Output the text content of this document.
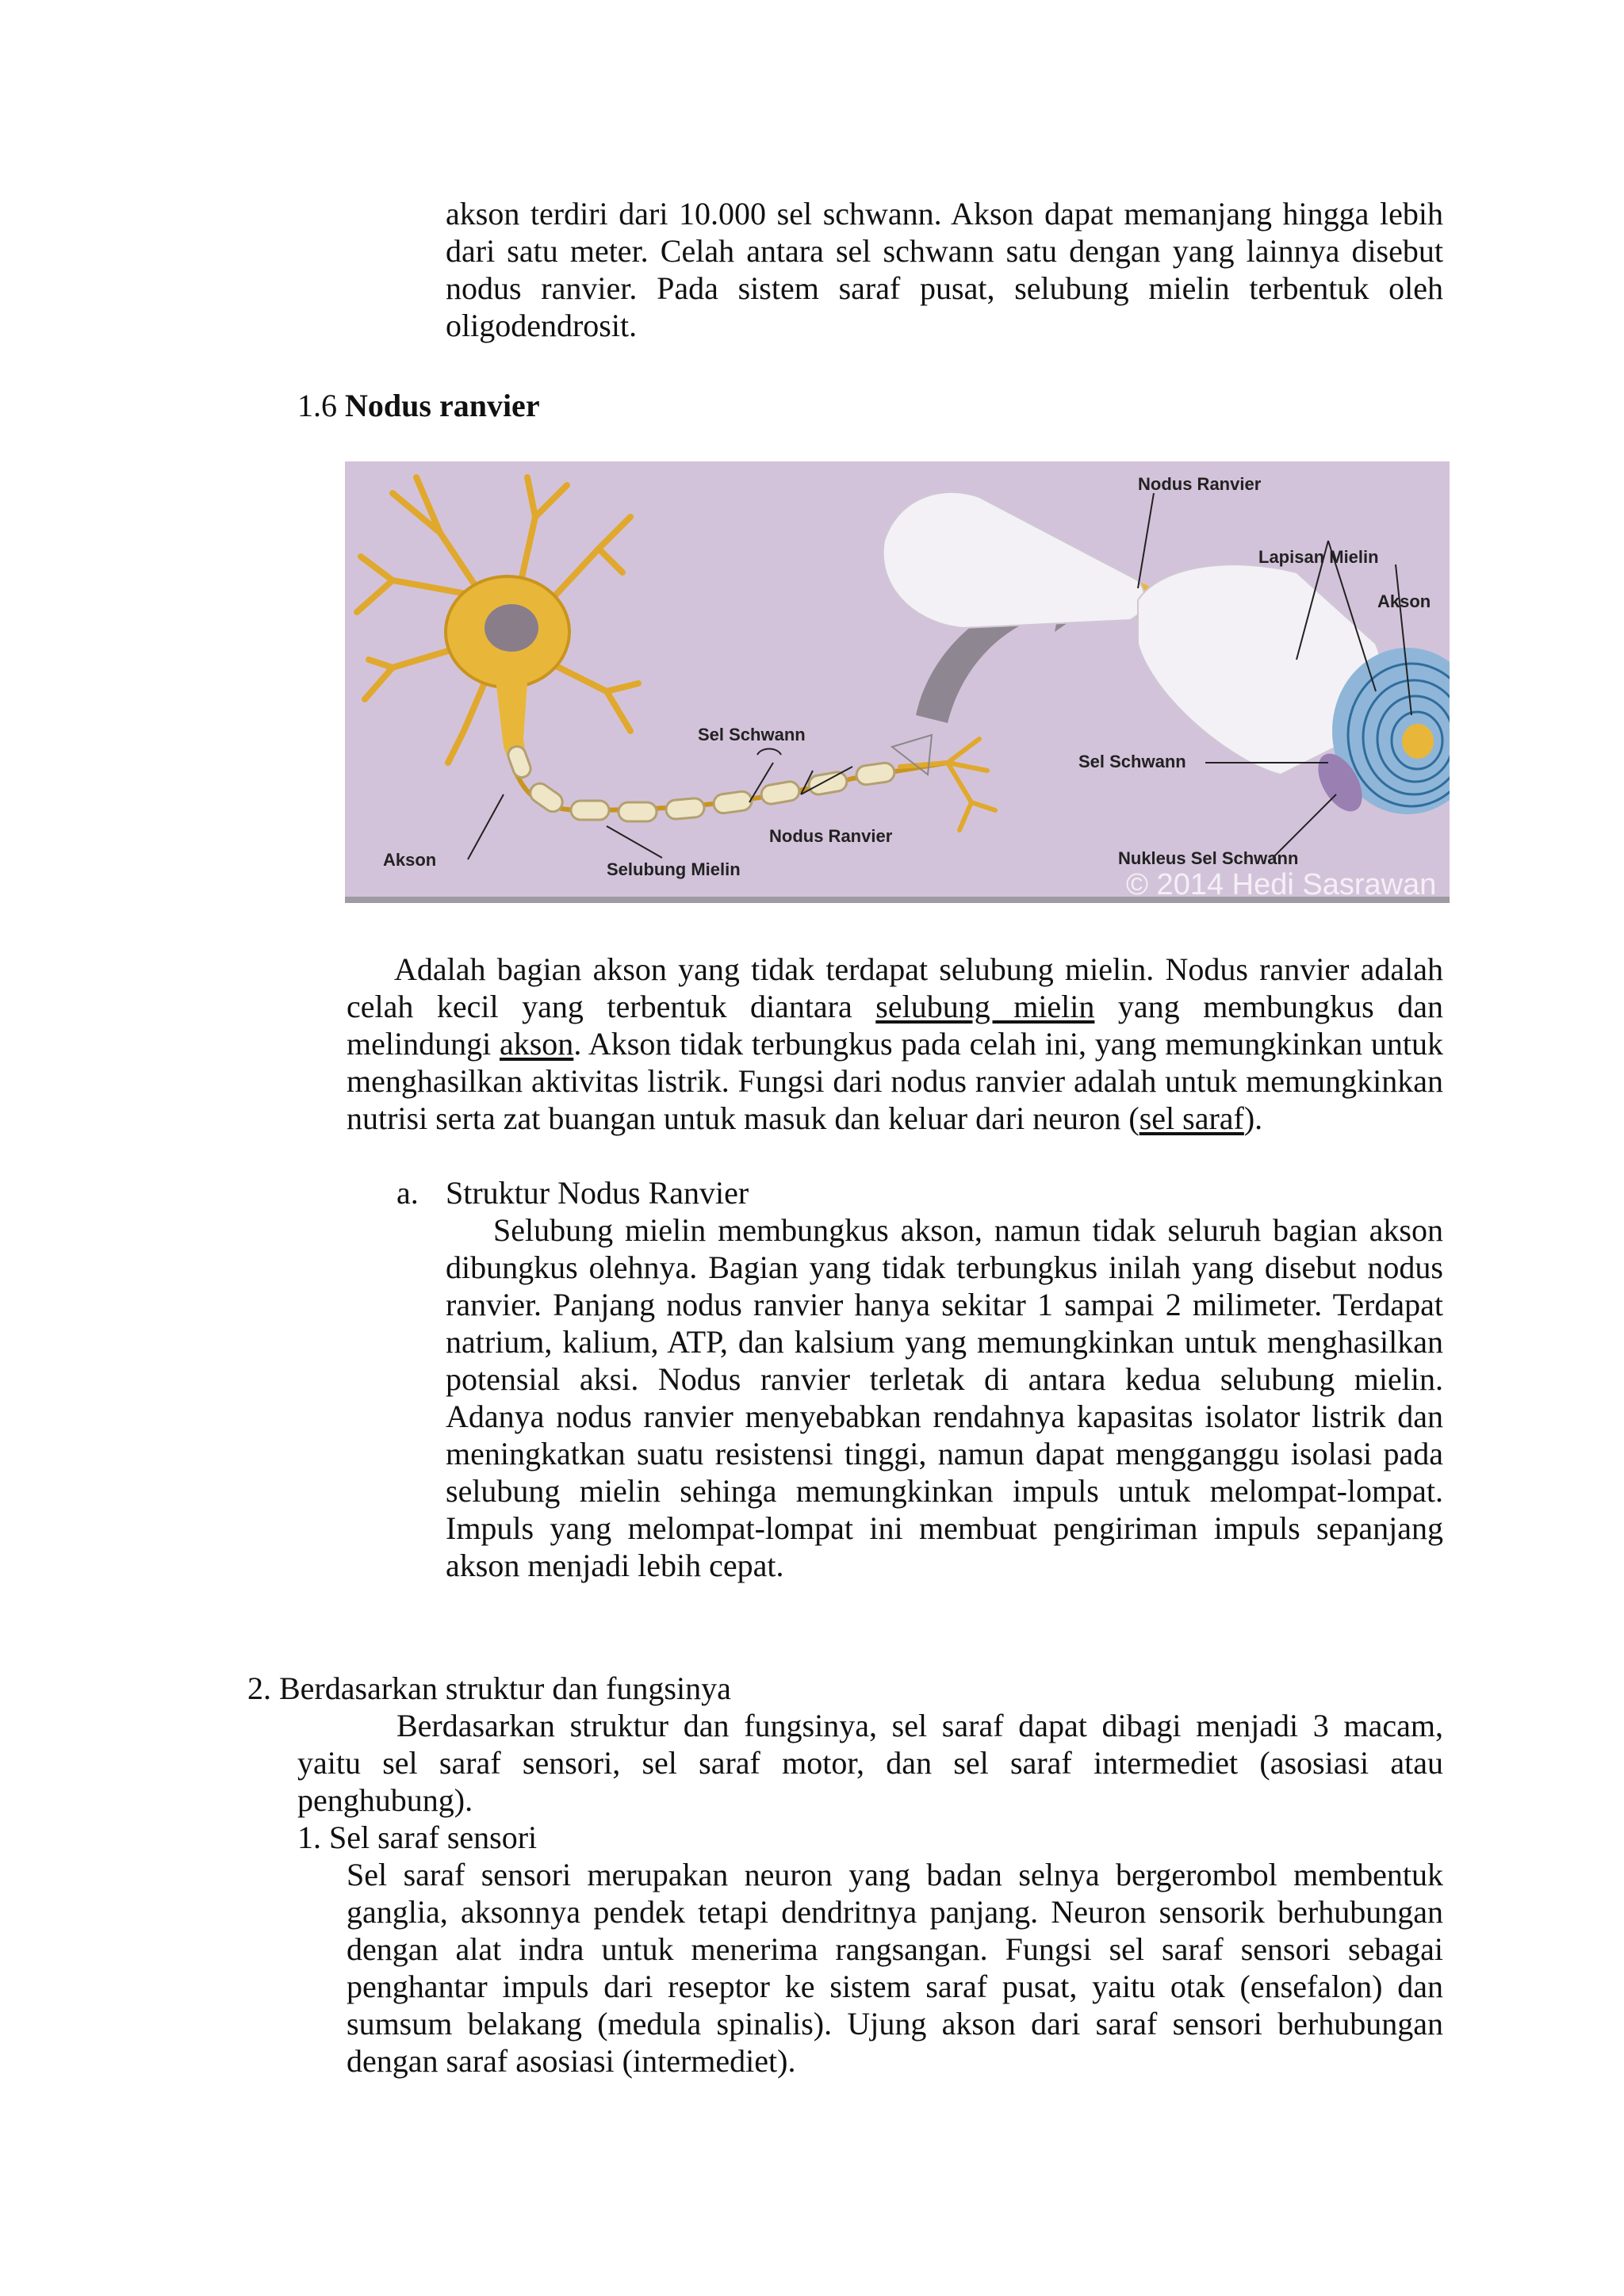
akson terdiri dari 10.000 sel schwann. Akson dapat memanjang hingga lebih dari satu meter. Celah antara sel schwann satu dengan yang lainnya disebut nodus ranvier. Pada sistem saraf pusat, selubung mielin terbentuk oleh oligodendrosit.

1.6 Nodus ranvier
Nodus Ranvier
Lapisan Mielin
Akson
Sel Schwann
Sel Schwann
Nodus Ranvier
Akson	Selubung Mielin
Nukleus Sel Schwann
© 2014 Hedi Sasrawan

Adalah bagian akson yang tidak terdapat selubung mielin. Nodus ranvier adalah celah kecil yang terbentuk diantara selubung mielin yang membungkus dan melindungi akson. Akson tidak terbungkus pada celah ini, yang memungkinkan untuk menghasilkan aktivitas listrik. Fungsi dari nodus ranvier adalah untuk memungkinkan nutrisi serta zat buangan untuk masuk dan keluar dari neuron (sel saraf).

a. Struktur Nodus Ranvier

Selubung mielin membungkus akson, namun tidak seluruh bagian akson dibungkus olehnya. Bagian yang tidak terbungkus inilah yang disebut nodus ranvier. Panjang nodus ranvier hanya sekitar 1 sampai 2 milimeter. Terdapat natrium, kalium, ATP, dan kalsium yang memungkinkan untuk menghasilkan potensial aksi. Nodus ranvier terletak di antara kedua selubung mielin. Adanya nodus ranvier menyebabkan rendahnya kapasitas isolator listrik dan meningkatkan suatu resistensi tinggi, namun dapat mengganggu isolasi pada selubung mielin sehinga memungkinkan impuls untuk melompat-lompat. Impuls yang melompat-lompat ini membuat pengiriman impuls sepanjang akson menjadi lebih cepat.

2. Berdasarkan struktur dan fungsinya

Berdasarkan struktur dan fungsinya, sel saraf dapat dibagi menjadi 3 macam, yaitu sel saraf sensori, sel saraf motor, dan sel saraf intermediet (asosiasi atau penghubung).

1. Sel saraf sensori

Sel saraf sensori merupakan neuron yang badan selnya bergerombol membentuk ganglia, aksonnya pendek tetapi dendritnya panjang. Neuron sensorik berhubungan dengan alat indra untuk menerima rangsangan. Fungsi sel saraf sensori sebagai penghantar impuls dari reseptor ke sistem saraf pusat, yaitu otak (ensefalon) dan sumsum belakang (medula spinalis). Ujung akson dari saraf sensori berhubungan dengan saraf asosiasi (intermediet).
